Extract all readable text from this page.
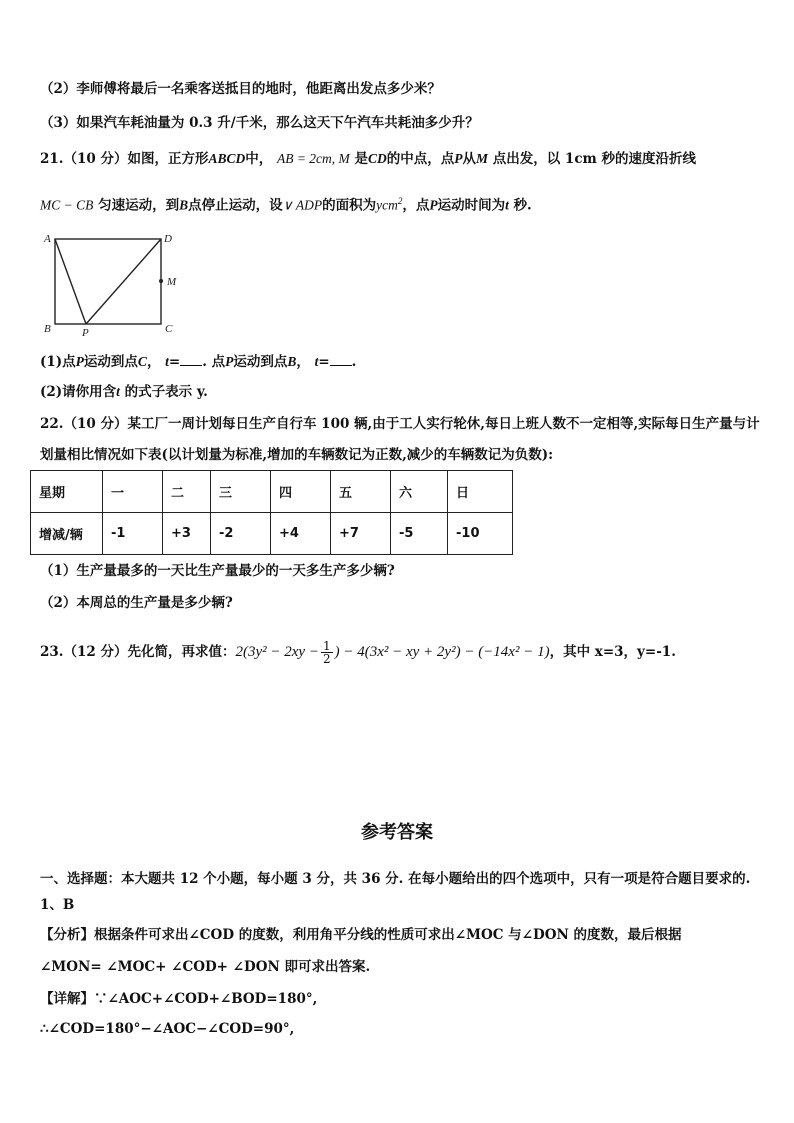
（2）李师傅将最后一名乘客送抵目的地时，他距离出发点多少米？
（3）如果汽车耗油量为 0.3 升/千米，那么这天下午汽车共耗油多少升？
21.（10 分）如图，正方形ABCD中， AB = 2cm, M 是CD的中点，点P从M 点出发，以 1cm 秒的速度沿折线
MC − CB 匀速运动，到B点停止运动，设∨ ADP的面积为ycm$^2$，点P运动时间为t 秒.
A	D
M
B	P	C
(1)点P运动到点C， t= . 点P运动到点B， t= .
(2)请你用含t 的式子表示 y.
22.（10 分）某工厂一周计划每日生产自行车 100 辆,由于工人实行轮休,每日上班人数不一定相等,实际每日生产量与计
划量相比情况如下表(以计划量为标准,增加的车辆数记为正数,减少的车辆数记为负数):
星期	一	二	三	四	五	六	日
增减/辆	-1	+3	-2	+4	+7	-5	-10
（1）生产量最多的一天比生产量最少的一天多生产多少辆?
（2）本周总的生产量是多少辆?
23.（12 分）先化简，再求值：$2(3y^2 - 2xy - \frac{1}{2}$ ) − 4(3x² − xy + 2y²) − (−14x² − 1)，其中 x=3，y=-1.
参考答案
一、选择题：本大题共 12 个小题，每小题 3 分，共 36 分. 在每小题给出的四个选项中，只有一项是符合题目要求的.
1、B
【分析】根据条件可求出∠COD 的度数，利用角平分线的性质可求出∠MOC 与∠DON 的度数，最后根据
∠MON= ∠MOC+ ∠COD+ ∠DON 即可求出答案.
【详解】∵∠AOC+∠COD+∠BOD=180°,
∴∠COD=180°−∠AOC−∠COD=90°,
